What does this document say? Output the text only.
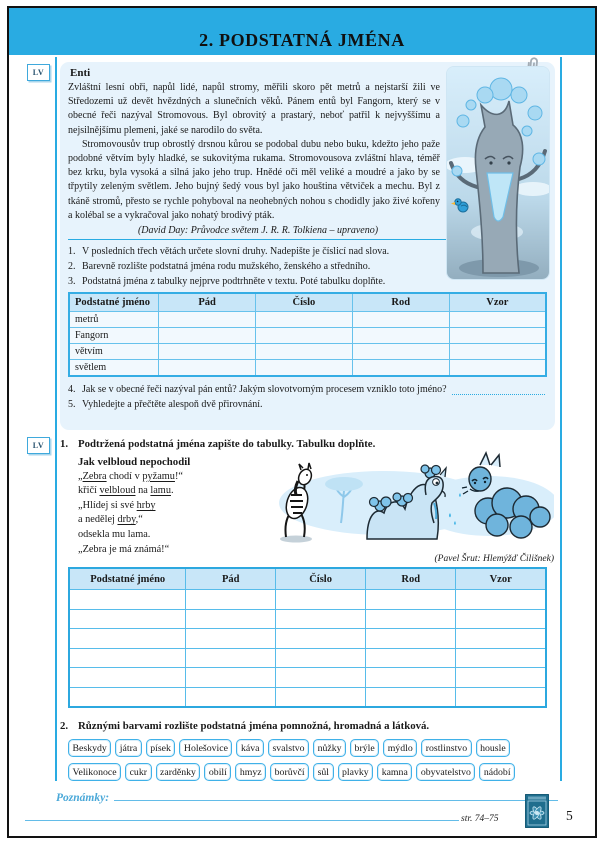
2. PODSTATNÁ JMÉNA
LV
LV
Enti

Zvláštní lesní obři, napůl lidé, napůl stromy, měřili skoro pět metrů a nejstarší žili ve Středozemi už devět hvězdných a slunečních věků. Pánem entů byl Fangorn, který se v obecné řeči nazýval Stromovous. Byl obrovitý a prastarý, neboť patřil k nejvyššímu a nejsilnějšímu plemeni, jaké se narodilo do světa.

Stromovousův trup obrostlý drsnou kůrou se podobal dubu nebo buku, kdežto jeho paže podobné větvím byly hladké, se sukovitýma rukama. Stromovousova zvláštní hlava, téměř bez krku, byla vysoká a silná jako jeho trup. Hnědé oči měl veliké a moudré a jako by se třpytily zeleným světlem. Jeho bujný šedý vous byl jako houština větviček a mechu. Byl z tkáně stromů, přesto se rychle pohyboval na neohebných nohou s chodidly jako živé kořeny a kolébal se a vykračoval jako nohatý brodivý pták.

(David Day: Průvodce světem J. R. R. Tolkiena – upraveno)
1. V posledních třech větách určete slovní druhy. Nadepište je číslicí nad slova.
2. Barevně rozlište podstatná jména rodu mužského, ženského a středního.
3. Podstatná jména z tabulky nejprve podtrhněte v textu. Poté tabulku doplňte.
Podstatné jméno	Pád	Číslo	Rod	Vzor
metrů				
Fangorn				
větvím				
světlem				
4. Jak se v obecné řeči nazýval pán entů? Jakým slovotvorným procesem vzniklo toto jméno?
5. Vyhledejte a přečtěte alespoň dvě přirovnání.
1. Podtržená podstatná jména zapište do tabulky. Tabulku doplňte.
Jak velbloud nepochodil
„Zebra chodí v pyžamu!“
křičí velbloud na lamu.
„Hlídej si své hrby
a nedělej drby,“
odsekla mu lama.
„Zebra je má známá!“
(Pavel Šrut: Hlemýžď Čilišnek)
Podstatné jméno	Pád	Číslo	Rod	Vzor

2. Různými barvami rozlište podstatná jména pomnožná, hromadná a látková.
Beskydy	játra	písek	Holešovice	káva	svalstvo	nůžky	brýle	mýdlo	rostlinstvo	housle
Velikonoce	cukr	zarděnky	obilí	hmyz	borůvčí	sůl	plavky	kamna	obyvatelstvo	nádobí
Poznámky:
str. 74–75	5
